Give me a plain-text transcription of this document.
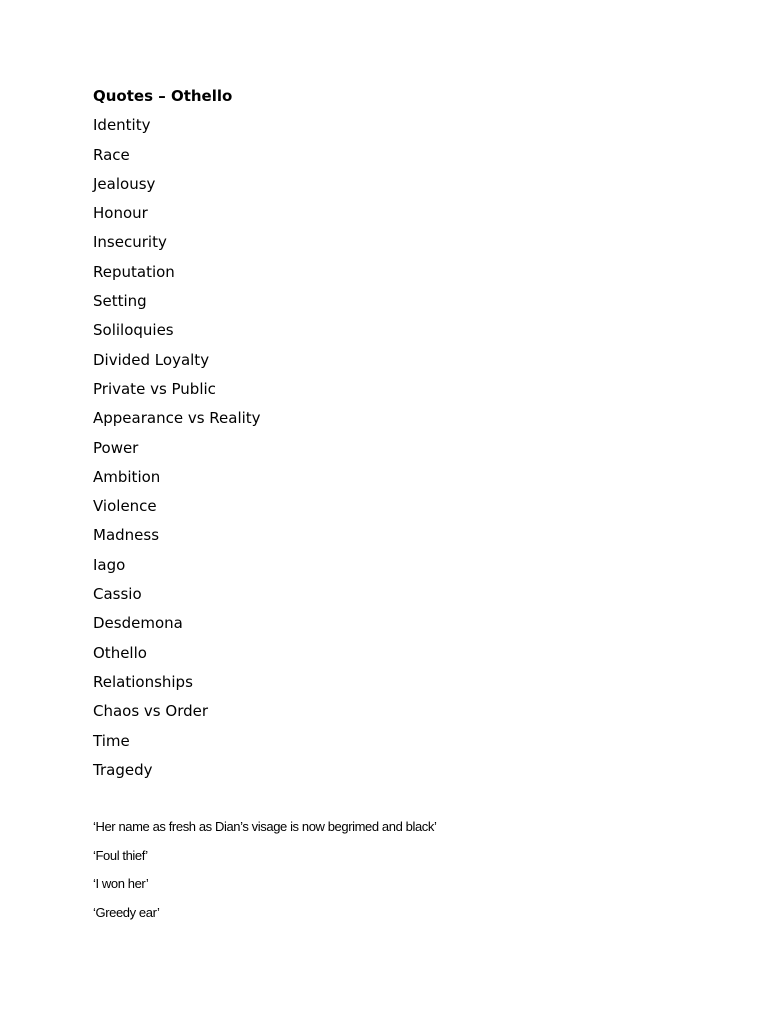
Quotes – Othello
Identity
Race
Jealousy
Honour
Insecurity
Reputation
Setting
Soliloquies
Divided Loyalty
Private vs Public
Appearance vs Reality
Power
Ambition
Violence
Madness
Iago
Cassio
Desdemona
Othello
Relationships
Chaos vs Order
Time
Tragedy
‘Her name as fresh as Dian’s visage is now begrimed and black’
‘Foul thief’
‘I won her’
‘Greedy ear’
